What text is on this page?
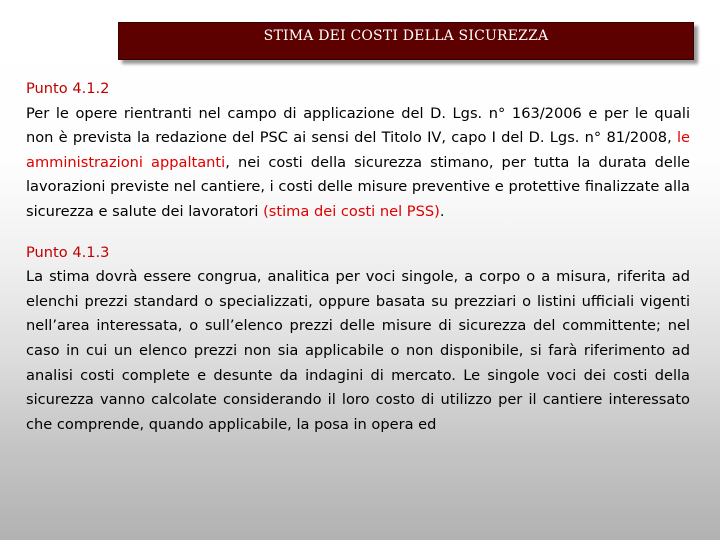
STIMA DEI COSTI DELLA SICUREZZA

Punto 4.1.2
Per le opere rientranti nel campo di applicazione del D. Lgs. n° 163/2006 e per le quali non è prevista la redazione del PSC ai sensi del Titolo IV, capo I del D. Lgs. n° 81/2008, le amministrazioni appaltanti, nei costi della sicurezza stimano, per tutta la durata delle lavorazioni previste nel cantiere, i costi delle misure preventive e protettive finalizzate alla sicurezza e salute dei lavoratori (stima dei costi nel PSS).

Punto 4.1.3
La stima dovrà essere congrua, analitica per voci singole, a corpo o a misura, riferita ad elenchi prezzi standard o specializzati, oppure basata su prezziari o listini ufficiali vigenti nell’area interessata, o sull’elenco prezzi delle misure di sicurezza del committente; nel caso in cui un elenco prezzi non sia applicabile o non disponibile, si farà riferimento ad analisi costi complete e desunte da indagini di mercato. Le singole voci dei costi della sicurezza vanno calcolate considerando il loro costo di utilizzo per il cantiere interessato che comprende, quando applicabile, la posa in opera ed
